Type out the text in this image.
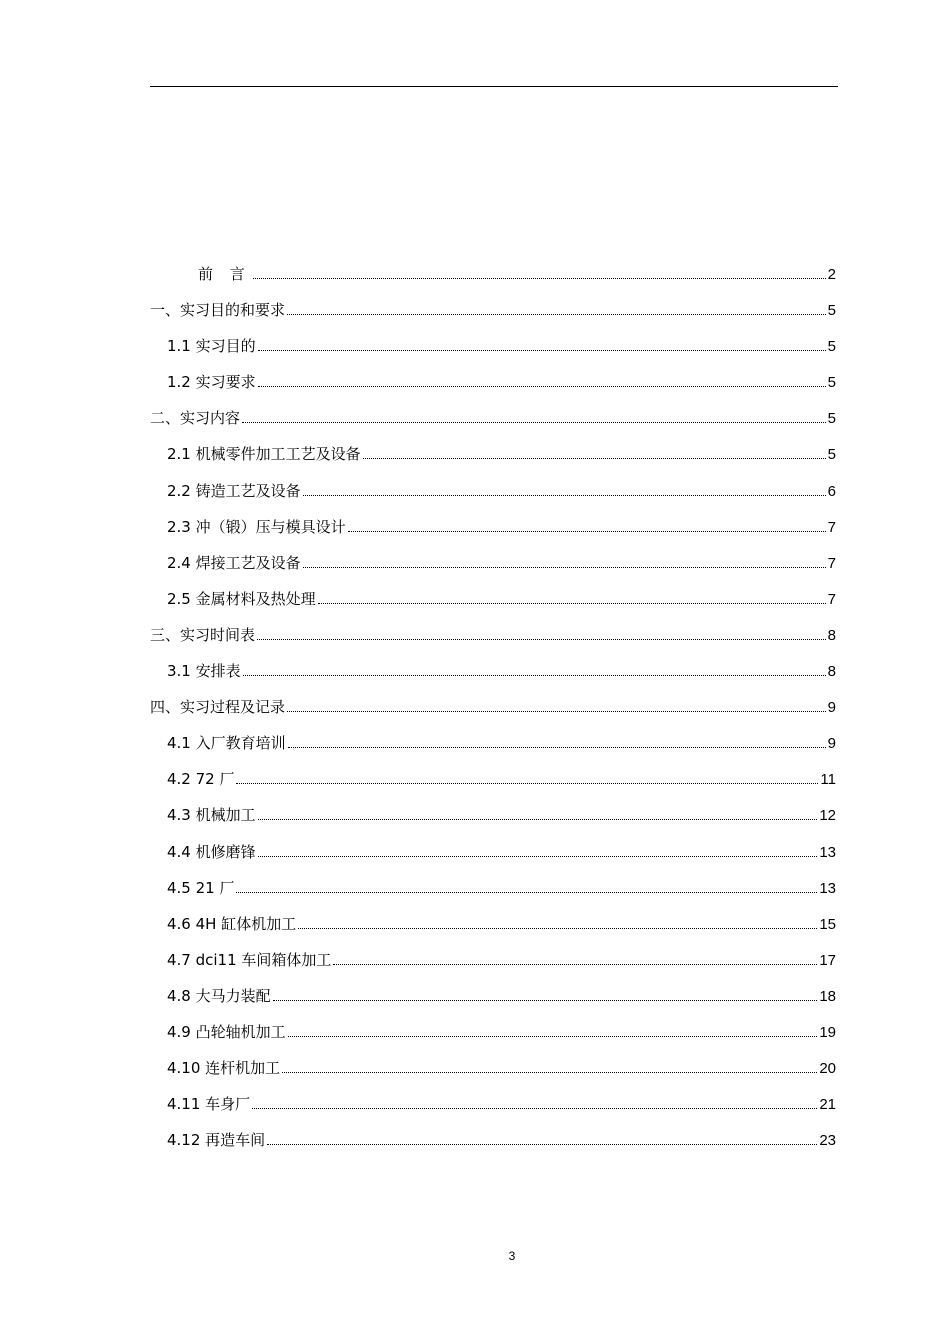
前 言	2
一、实习目的和要求	5
1.1 实习目的	5
1.2 实习要求	5
二、实习内容	5
2.1 机械零件加工工艺及设备	5
2.2 铸造工艺及设备	6
2.3 冲（锻）压与模具设计	7
2.4 焊接工艺及设备	7
2.5 金属材料及热处理	7
三、实习时间表	8
3.1 安排表	8
四、实习过程及记录	9
4.1 入厂教育培训	9
4.2 72 厂	11
4.3 机械加工	12
4.4 机修磨锋	13
4.5 21 厂	13
4.6 4H 缸体机加工	15
4.7 dci11 车间箱体加工	17
4.8 大马力装配	18
4.9 凸轮轴机加工	19
4.10 连杆机加工	20
4.11 车身厂	21
4.12 再造车间	23
3
